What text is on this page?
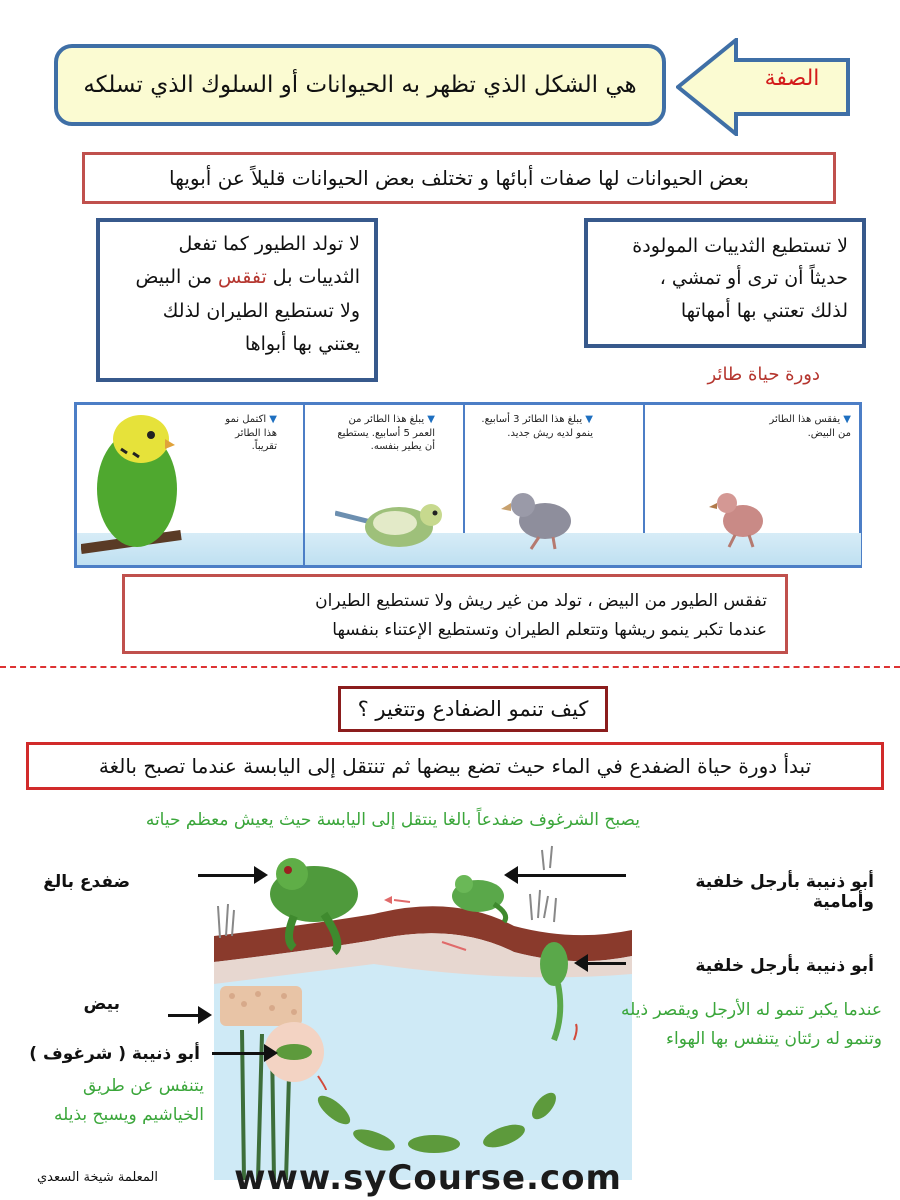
هي الشكل الذي تظهر به الحيوانات أو السلوك الذي تسلكه	الصفة
بعض الحيوانات لها صفات أبائها و تختلف بعض الحيوانات قليلاً عن أبويها
لا تستطيع الثدييات المولودة
حديثاً أن ترى أو تمشي ،
لذلك تعتني بها أمهاتها
لا تولد الطيور كما تفعل
الثدييات بل تفقس من البيض
ولا تستطيع الطيران لذلك
يعتني بها أبواها
دورة حياة طائر
▼ يفقس هذا الطائر من البيض.
▼ يبلغ هذا الطائر 3 أسابيع. ينمو لديه ريش جديد.
▼ يبلغ هذا الطائر من العمر 5 أسابيع. يستطيع أن يطير بنفسه.
▼ اكتمل نمو هذا الطائر تقريباً.
تفقس الطيور من البيض ، تولد من غير ريش ولا تستطيع الطيران
عندما تكبر ينمو ريشها وتتعلم الطيران وتستطيع الإعتناء بنفسها
كيف تنمو الضفادع وتتغير ؟
تبدأ دورة حياة الضفدع في الماء حيث تضع بيضها ثم تنتقل إلى اليابسة عندما تصبح بالغة
يصبح الشرغوف ضفدعاً بالغا ينتقل إلى اليابسة حيث يعيش معظم حياته
ضفدع بالغ	أبو ذنيبة بأرجل خلفية وأمامية
أبو ذنيبة بأرجل خلفية
بيض
أبو ذنيبة ( شرغوف )
يتنفس عن طريق
الخياشيم ويسبح بذيله
عندما يكبر تنمو له الأرجل ويقصر ذيله
وتنمو له رئتان يتنفس بها الهواء
المعلمة شيخة السعدي	www.syCourse.com
